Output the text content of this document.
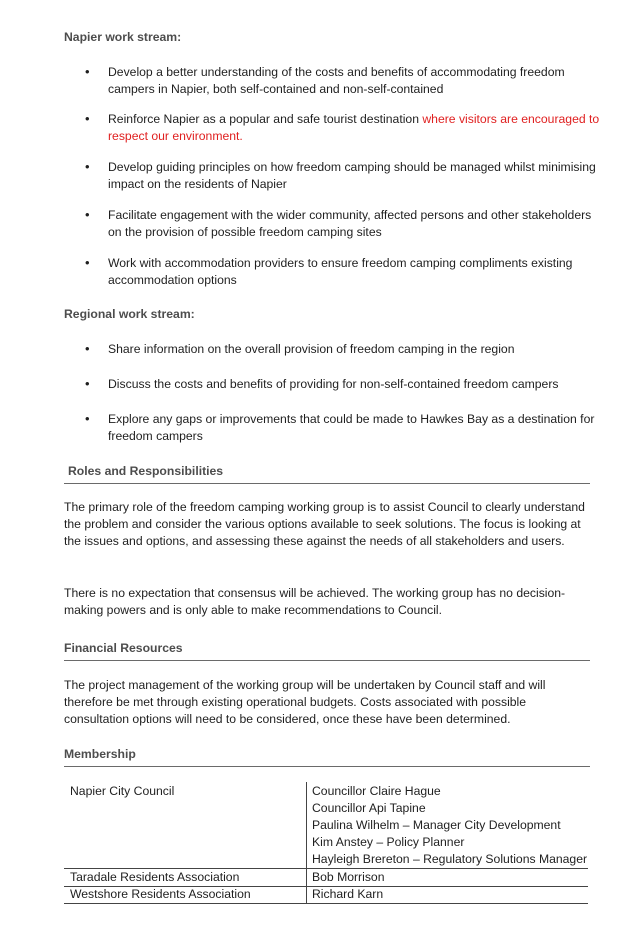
Napier work stream:
•
Develop a better understanding of the costs and benefits of accommodating freedom campers in Napier, both self-contained and non-self-contained
•
Reinforce Napier as a popular and safe tourist destination where visitors are encouraged to respect our environment.
•
Develop guiding principles on how freedom camping should be managed whilst minimising impact on the residents of Napier
•
Facilitate engagement with the wider community, affected persons and other stakeholders on the provision of possible freedom camping sites
•
Work with accommodation providers to ensure freedom camping compliments existing accommodation options
Regional work stream:
•
Share information on the overall provision of freedom camping in the region
•
Discuss the costs and benefits of providing for non-self-contained freedom campers
•
Explore any gaps or improvements that could be made to Hawkes Bay as a destination for freedom campers
Roles and Responsibilities
The primary role of the freedom camping working group is to assist Council to clearly understand the problem and consider the various options available to seek solutions. The focus is looking at the issues and options, and assessing these against the needs of all stakeholders and users.
There is no expectation that consensus will be achieved. The working group has no decision-making powers and is only able to make recommendations to Council.
Financial Resources
The project management of the working group will be undertaken by Council staff and will therefore be met through existing operational budgets. Costs associated with possible consultation options will need to be considered, once these have been determined.
Membership
Napier City Council	Councillor Claire Hague
Councillor Api Tapine
Paulina Wilhelm – Manager City Development
Kim Anstey – Policy Planner
Hayleigh Brereton – Regulatory Solutions Manager
Taradale Residents Association	Bob Morrison
Westshore Residents Association	Richard Karn
